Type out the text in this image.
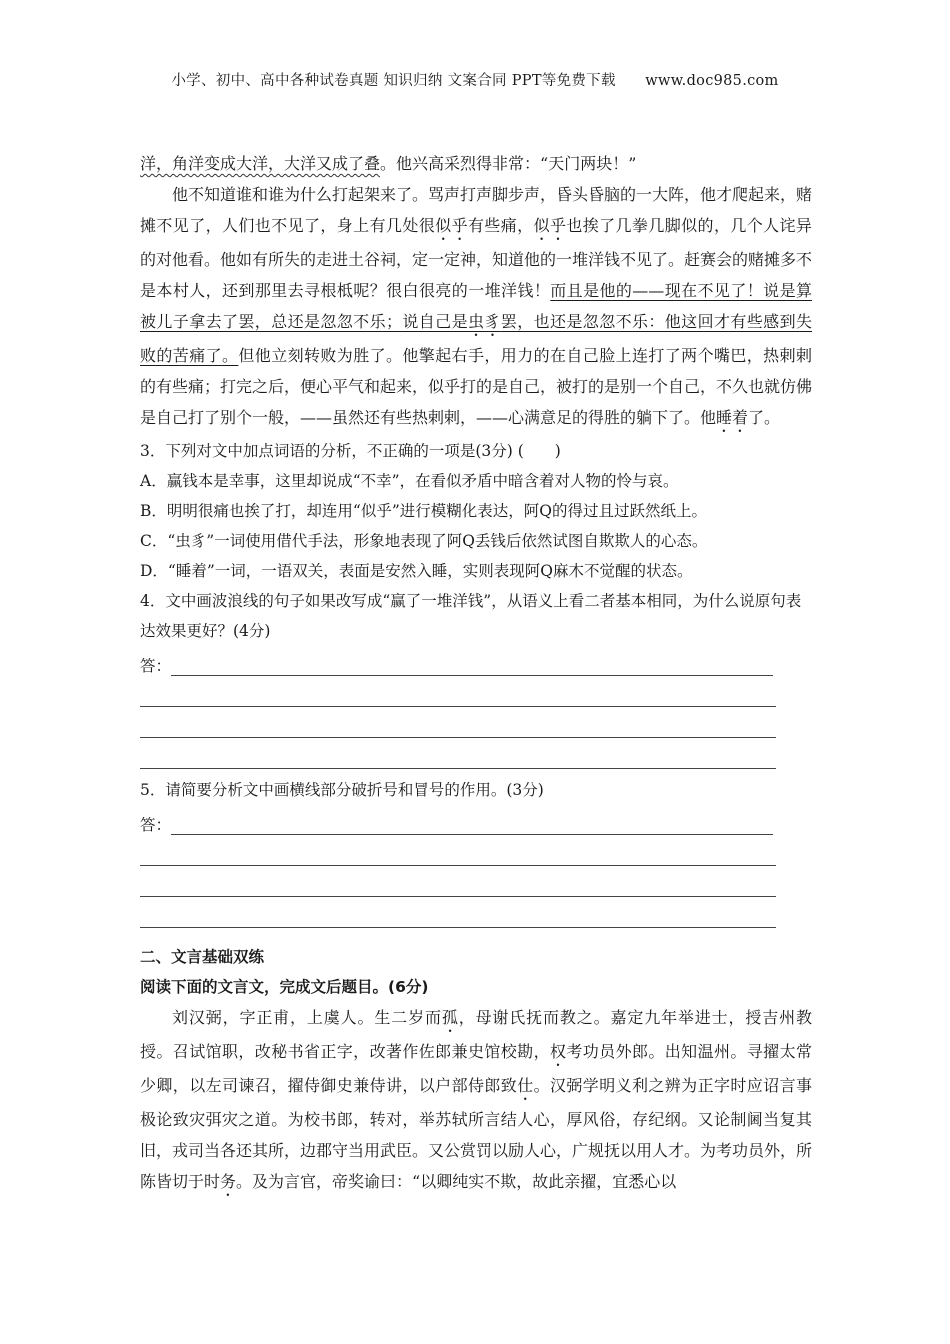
小学、初中、高中各种试卷真题 知识归纳 文案合同 PPT等免费下载 www.doc985.com

洋，角洋变成大洋，大洋又成了叠。他兴高采烈得非常：“天门两块！”

他不知道谁和谁为什么打起架来了。骂声打声脚步声，昏头昏脑的一大阵，他才爬起来，赌摊不见了，人们也不见了，身上有几处很似乎有些痛，似乎也挨了几拳几脚似的，几个人诧异的对他看。他如有所失的走进土谷祠，定一定神，知道他的一堆洋钱不见了。赶赛会的赌摊多不是本村人，还到那里去寻根柢呢？很白很亮的一堆洋钱！而且是他的——现在不见了！说是算被儿子拿去了罢，总还是忽忽不乐；说自己是虫豸罢，也还是忽忽不乐：他这回才有些感到失败的苦痛了。但他立刻转败为胜了。他擎起右手，用力的在自己脸上连打了两个嘴巴，热剌剌的有些痛；打完之后，便心平气和起来，似乎打的是自己，被打的是别一个自己，不久也就仿佛是自己打了别个一般，——虽然还有些热剌剌，——心满意足的得胜的躺下了。他睡着了。

3．下列对文中加点词语的分析，不正确的一项是(3分) (　　)

A．赢钱本是幸事，这里却说成“不幸”，在看似矛盾中暗含着对人物的怜与哀。

B．明明很痛也挨了打，却连用“似乎”进行模糊化表达，阿Q的得过且过跃然纸上。

C．“虫豸”一词使用借代手法，形象地表现了阿Q丢钱后依然试图自欺欺人的心态。

D．“睡着”一词，一语双关，表面是安然入睡，实则表现阿Q麻木不觉醒的状态。

4．文中画波浪线的句子如果改写成“赢了一堆洋钱”，从语义上看二者基本相同，为什么说原句表达效果更好？(4分)

答：

5．请简要分析文中画横线部分破折号和冒号的作用。(3分)

答：

二、文言基础双练

阅读下面的文言文，完成文后题目。(6分)

刘汉弼，字正甫，上虞人。生二岁而孤，母谢氏抚而教之。嘉定九年举进士，授吉州教授。召试馆职，改秘书省正字，改著作佐郎兼史馆校勘，权考功员外郎。出知温州。寻擢太常少卿，以左司谏召，擢侍御史兼侍讲，以户部侍郎致仕。汉弼学明义利之辨为正字时应诏言事极论致灾弭灾之道。为校书郎，转对，举苏轼所言结人心，厚风俗，存纪纲。又论制阃当复其旧，戎司当各还其所，边郡守当用武臣。又公赏罚以励人心，广规抚以用人才。为考功员外，所陈皆切于时务。及为言官，帝奖谕曰：“以卿纯实不欺，故此亲擢，宜悉心以
